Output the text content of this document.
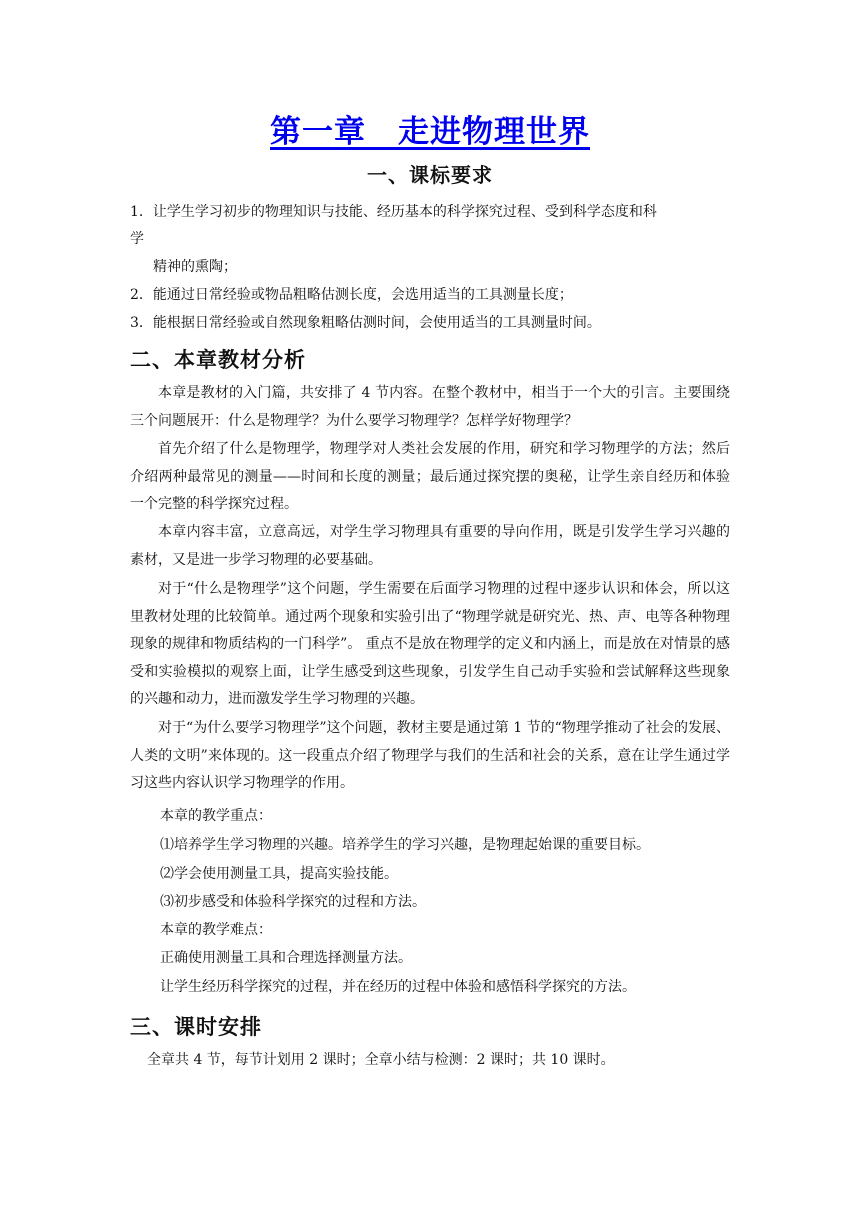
第一章　走进物理世界
一、课标要求
1．让学生学习初步的物理知识与技能、经历基本的科学探究过程、受到科学态度和科
学
精神的熏陶；
2．能通过日常经验或物品粗略估测长度，会选用适当的工具测量长度；
3．能根据日常经验或自然现象粗略估测时间，会使用适当的工具测量时间。
二、本章教材分析
本章是教材的入门篇，共安排了 4 节内容。在整个教材中，相当于一个大的引言。主要围绕三个问题展开：什么是物理学？为什么要学习物理学？怎样学好物理学？
首先介绍了什么是物理学，物理学对人类社会发展的作用，研究和学习物理学的方法；然后介绍两种最常见的测量——时间和长度的测量；最后通过探究摆的奥秘，让学生亲自经历和体验一个完整的科学探究过程。
本章内容丰富，立意高远，对学生学习物理具有重要的导向作用，既是引发学生学习兴趣的素材，又是进一步学习物理的必要基础。
对于“什么是物理学”这个问题，学生需要在后面学习物理的过程中逐步认识和体会，所以这里教材处理的比较简单。通过两个现象和实验引出了“物理学就是研究光、热、声、电等各种物理现象的规律和物质结构的一门科学”。 重点不是放在物理学的定义和内涵上，而是放在对情景的感受和实验模拟的观察上面，让学生感受到这些现象，引发学生自己动手实验和尝试解释这些现象的兴趣和动力，进而激发学生学习物理的兴趣。
对于“为什么要学习物理学”这个问题，教材主要是通过第 1 节的“物理学推动了社会的发展、人类的文明”来体现的。这一段重点介绍了物理学与我们的生活和社会的关系，意在让学生通过学习这些内容认识学习物理学的作用。
本章的教学重点：
⑴培养学生学习物理的兴趣。培养学生的学习兴趣，是物理起始课的重要目标。
⑵学会使用测量工具，提高实验技能。
⑶初步感受和体验科学探究的过程和方法。
本章的教学难点：
正确使用测量工具和合理选择测量方法。
让学生经历科学探究的过程，并在经历的过程中体验和感悟科学探究的方法。
三、课时安排
全章共 4 节，每节计划用 2 课时；全章小结与检测：2 课时；共 10 课时。
